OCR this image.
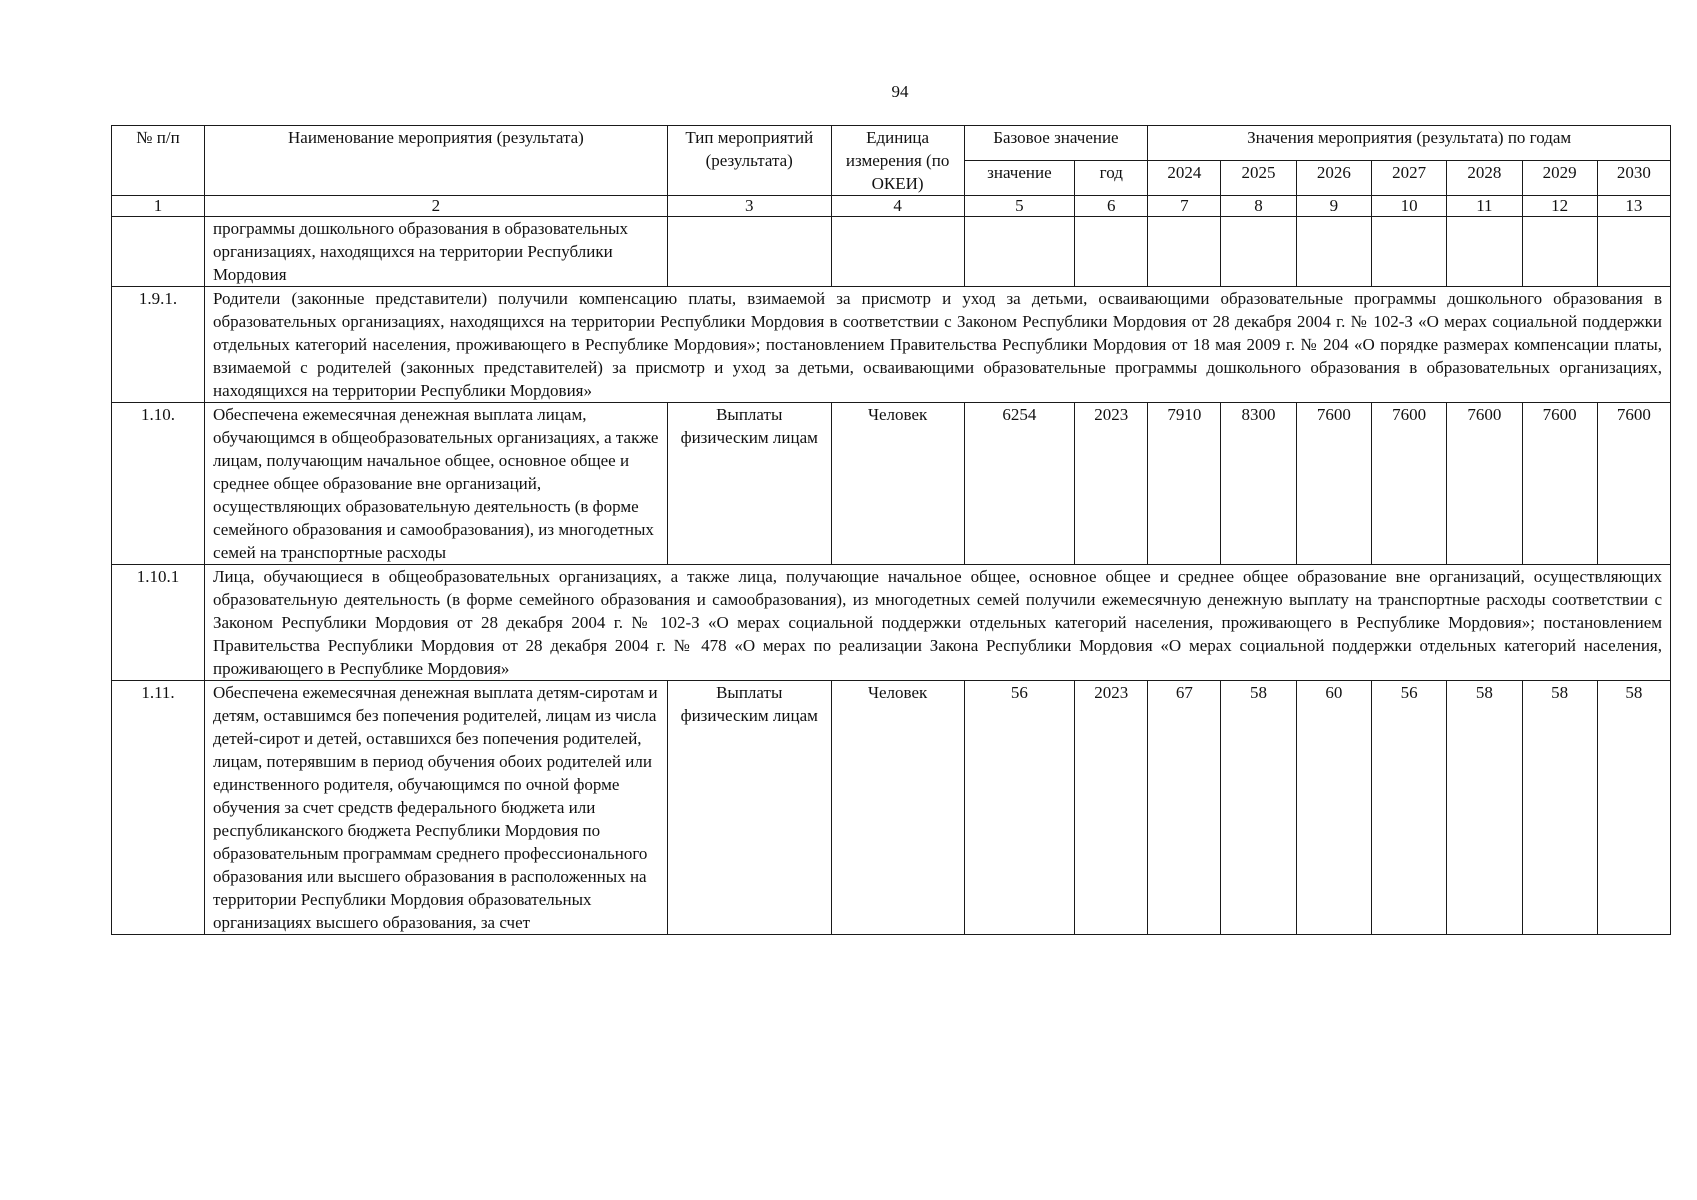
94
№ п/п	Наименование мероприятия (результата)	Тип мероприятий (результата)	Единица измерения (по ОКЕИ)	Базовое значение		Значения мероприятия (результата) по годам						
				значение	год	2024	2025	2026	2027	2028	2029	2030
1	2	3	4	5	6	7	8	9	10	11	12	13
	программы дошкольного образования в образовательных организациях, находящихся на территории Республики Мордовия											
1.9.1.	Родители (законные представители) получили компенсацию платы, взимаемой за присмотр и уход за детьми, осваивающими образовательные программы дошкольного образования в образовательных организациях, находящихся на территории Республики Мордовия в соответствии с Законом Республики Мордовия от 28 декабря 2004 г. № 102-З «О мерах социальной поддержки отдельных категорий населения, проживающего в Республике Мордовия»; постановлением Правительства Республики Мордовия от 18 мая 2009 г. № 204 «О порядке размерах компенсации платы, взимаемой с родителей (законных представителей) за присмотр и уход за детьми, осваивающими образовательные программы дошкольного образования в образовательных организациях, находящихся на территории Республики Мордовия»											
1.10.	Обеспечена ежемесячная денежная выплата лицам, обучающимся в общеобразовательных организациях, а также лицам, получающим начальное общее, основное общее и среднее общее образование вне организаций, осуществляющих образовательную деятельность (в форме семейного образования и самообразования), из многодетных семей на транспортные расходы	Выплаты физическим лицам	Человек	6254	2023	7910	8300	7600	7600	7600	7600	7600
1.10.1	Лица, обучающиеся в общеобразовательных организациях, а также лица, получающие начальное общее, основное общее и среднее общее образование вне организаций, осуществляющих образовательную деятельность (в форме семейного образования и самообразования), из многодетных семей получили ежемесячную денежную выплату на транспортные расходы соответствии с Законом Республики Мордовия от 28 декабря 2004 г. № 102-З «О мерах социальной поддержки отдельных категорий населения, проживающего в Республике Мордовия»; постановлением Правительства Республики Мордовия от 28 декабря 2004 г. № 478 «О мерах по реализации Закона Республики Мордовия «О мерах социальной поддержки отдельных категорий населения, проживающего в Республике Мордовия»											
1.11.	Обеспечена ежемесячная денежная выплата детям-сиротам и детям, оставшимся без попечения родителей, лицам из числа детей-сирот и детей, оставшихся без попечения родителей, лицам, потерявшим в период обучения обоих родителей или единственного родителя, обучающимся по очной форме обучения за счет средств федерального бюджета или республиканского бюджета Республики Мордовия по образовательным программам среднего профессионального образования или высшего образования в расположенных на территории Республики Мордовия образовательных организациях высшего образования, за счет	Выплаты физическим лицам	Человек	56	2023	67	58	60	56	58	58	58
